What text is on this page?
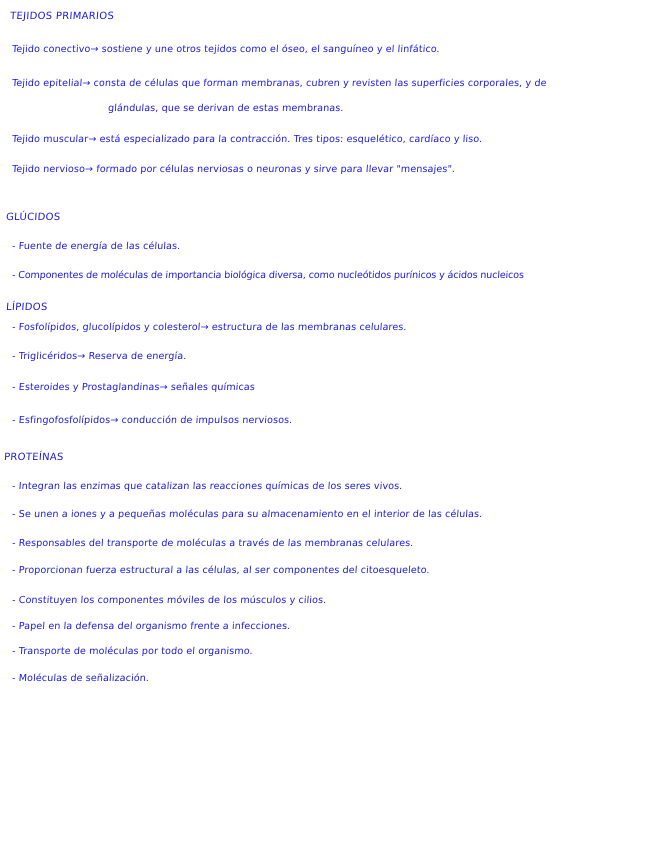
TEJIDOS PRIMARIOS
Tejido conectivo→ sostiene y une otros tejidos como el óseo, el sanguíneo y el linfático.
Tejido epitelial→ consta de células que forman membranas, cubren y revisten las superficies corporales, y de
glándulas, que se derivan de estas membranas.
Tejido muscular→ está especializado para la contracción. Tres tipos: esquelético, cardíaco y liso.
Tejido nervioso→ formado por células nerviosas o neuronas y sirve para llevar "mensajes".
GLÚCIDOS
- Fuente de energía de las células.
- Componentes de moléculas de importancia biológica diversa, como nucleótidos purínicos y ácidos nucleicos
LÍPIDOS
- Fosfolípidos, glucolípidos y colesterol→ estructura de las membranas celulares.
- Triglicéridos→ Reserva de energía.
- Esteroides y Prostaglandinas→ señales químicas
- Esfingofosfolípidos→ conducción de impulsos nerviosos.
PROTEÍNAS
- Integran las enzimas que catalizan las reacciones químicas de los seres vivos.
- Se unen a iones y a pequeñas moléculas para su almacenamiento en el interior de las células.
- Responsables del transporte de moléculas a través de las membranas celulares.
- Proporcionan fuerza estructural a las células, al ser componentes del citoesqueleto.
- Constituyen los componentes móviles de los músculos y cilios.
- Papel en la defensa del organismo frente a infecciones.
- Transporte de moléculas por todo el organismo.
- Moléculas de señalización.
